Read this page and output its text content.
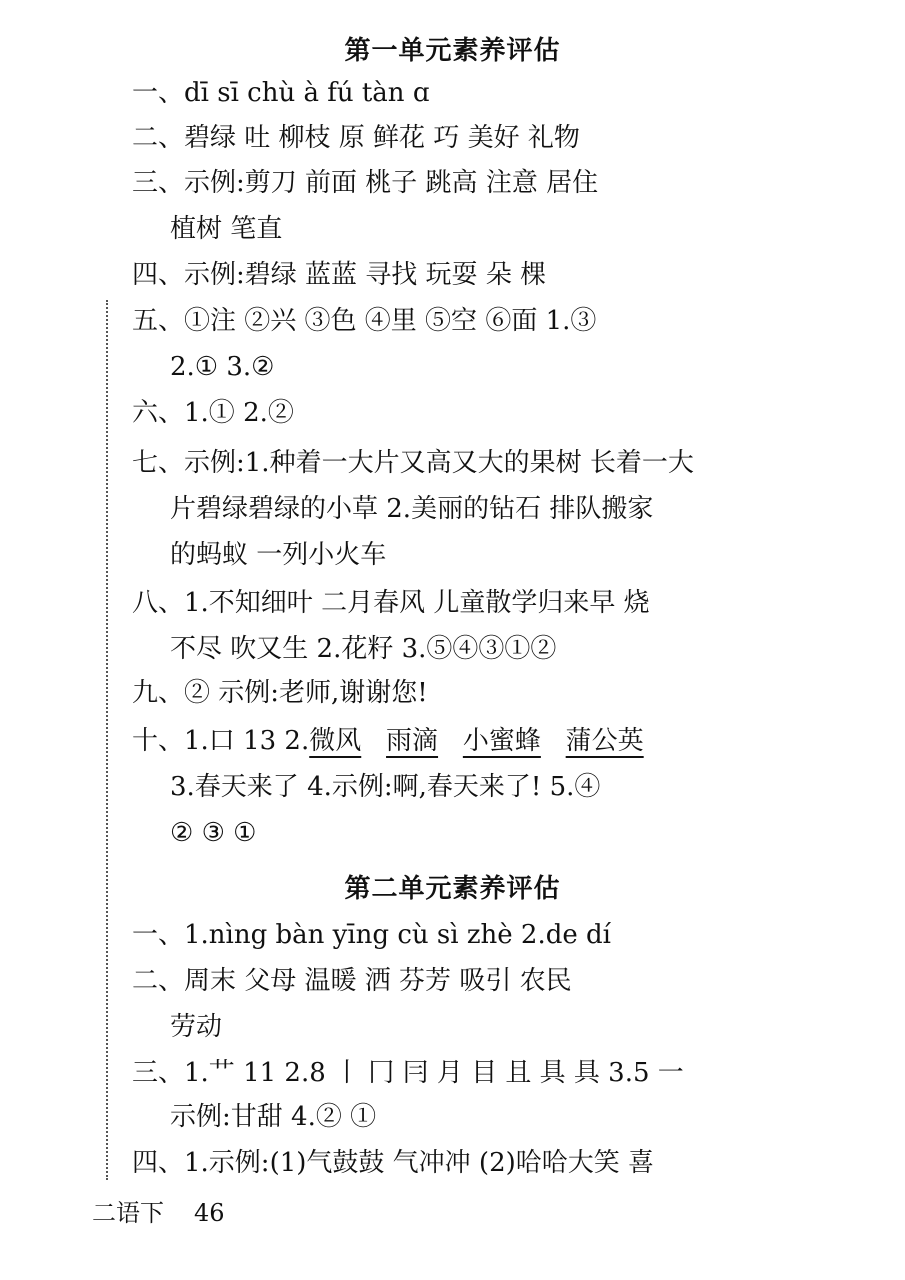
第一单元素养评估
一、dī sī chù à fú tàn ɑ
二、碧绿 吐 柳枝 原 鲜花 巧 美好 礼物
三、示例:剪刀 前面 桃子 跳高 注意 居住
植树 笔直
四、示例:碧绿 蓝蓝 寻找 玩耍 朵 棵
五、①注 ②兴 ③色 ④里 ⑤空 ⑥面 1.③
2.① 3.②
六、1.① 2.②
七、示例:1.种着一大片又高又大的果树 长着一大
片碧绿碧绿的小草 2.美丽的钻石 排队搬家
的蚂蚁 一列小火车
八、1.不知细叶 二月春风 儿童散学归来早 烧
不尽 吹又生 2.花籽 3.⑤④③①②
九、② 示例:老师,谢谢您!
十、1.口 13 2.微风 雨滴 小蜜蜂 蒲公英
3.春天来了 4.示例:啊,春天来了! 5.④
② ③ ①
第二单元素养评估
一、1.nìng bàn yīng cù sì zhè 2.de dí
二、周末 父母 温暖 洒 芬芳 吸引 农民
劳动
三、1.艹 11 2.8 丨 冂 冃 月 目 且 具 具 3.5 一
示例:甘甜 4.② ①
四、1.示例:(1)气鼓鼓 气冲冲 (2)哈哈大笑 喜
二语下 46
